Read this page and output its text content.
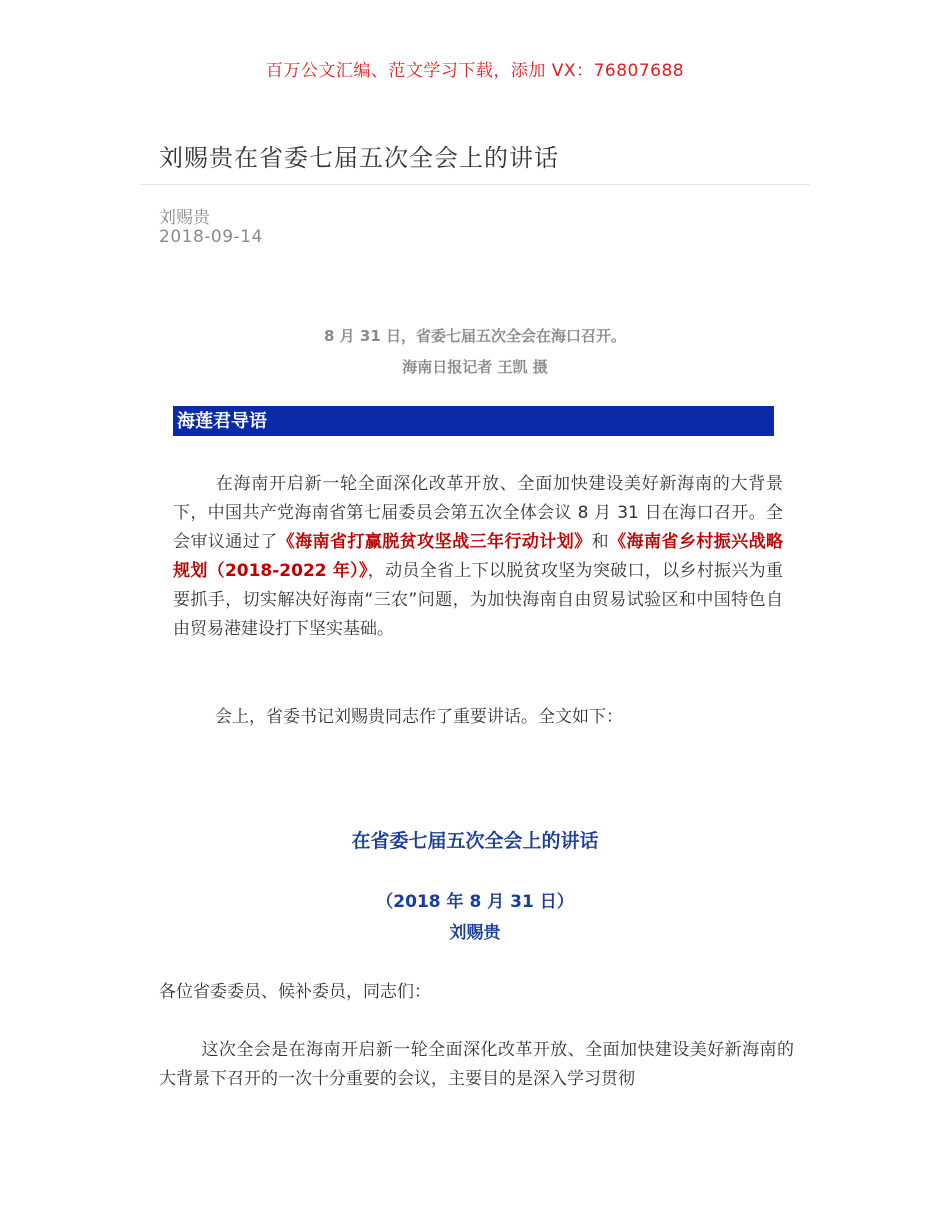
百万公文汇编、范文学习下载，添加 VX：76807688
刘赐贵在省委七届五次全会上的讲话
刘赐贵
2018-09-14
8 月 31 日，省委七届五次全会在海口召开。
海南日报记者 王凯 摄
海莲君导语
在海南开启新一轮全面深化改革开放、全面加快建设美好新海南的大背景下，中国共产党海南省第七届委员会第五次全体会议 8 月 31 日在海口召开。全会审议通过了《海南省打赢脱贫攻坚战三年行动计划》和《海南省乡村振兴战略规划（2018-2022 年）》，动员全省上下以脱贫攻坚为突破口，以乡村振兴为重要抓手，切实解决好海南“三农”问题，为加快海南自由贸易试验区和中国特色自由贸易港建设打下坚实基础。
会上，省委书记刘赐贵同志作了重要讲话。全文如下：
在省委七届五次全会上的讲话
（2018 年 8 月 31 日）
刘赐贵
各位省委委员、候补委员，同志们：
这次全会是在海南开启新一轮全面深化改革开放、全面加快建设美好新海南的大背景下召开的一次十分重要的会议，主要目的是深入学习贯彻
